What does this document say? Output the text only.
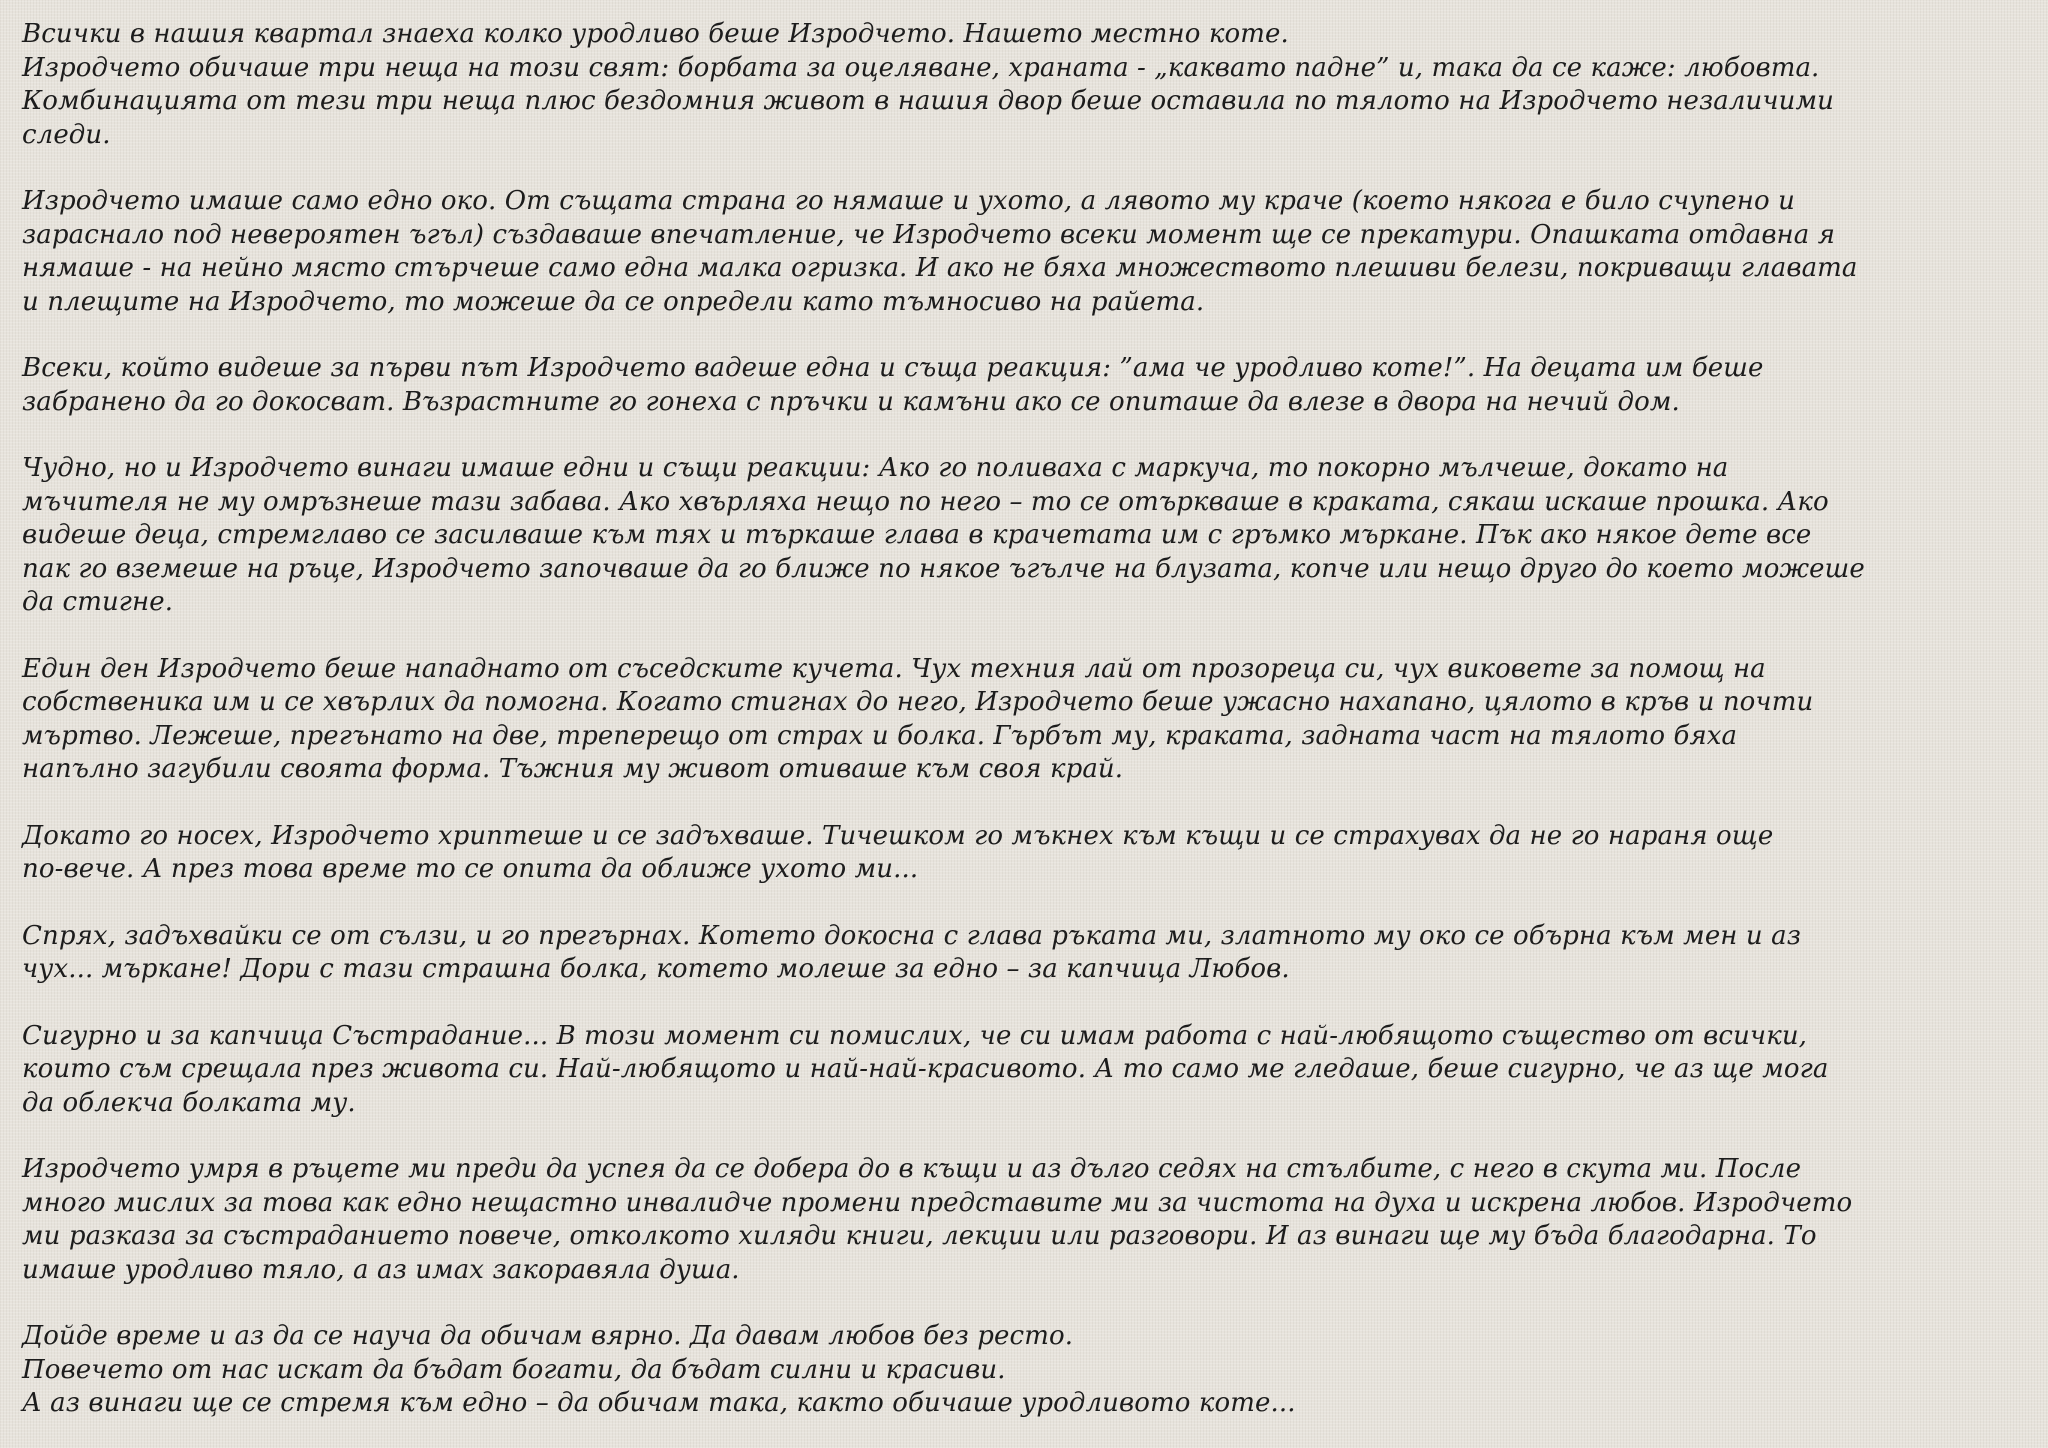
Всички в нашия квартал знаеха колко уродливо беше Изродчето. Нашето местно коте.
Изродчето обичаше три неща на този свят: борбата за оцеляване, храната - „каквато падне” и, така да се каже: любовта.
Комбинацията от тези три неща плюс бездомния живот в нашия двор беше оставила по тялото на Изродчето незаличими
следи.
Изродчето имаше само едно око. От същата страна го нямаше и ухото, а лявото му краче (което някога е било счупено и
зараснало под невероятен ъгъл) създаваше впечатление, че Изродчето всеки момент ще се прекатури. Опашката отдавна я
нямаше - на нейно място стърчеше само една малка огризка. И ако не бяха множеството плешиви белези, покриващи главата
и плещите на Изродчето, то можеше да се определи като тъмносиво на райета.
Всеки, който видеше за първи път Изродчето вадеше една и съща реакция: ”ама че уродливо коте!”. На децата им беше
забранено да го докосват. Възрастните го гонеха с пръчки и камъни ако се опиташе да влезе в двора на нечий дом.
Чудно, но и Изродчето винаги имаше едни и същи реакции: Ако го поливаха с маркуча, то покорно мълчеше, докато на
мъчителя не му омръзнеше тази забава. Ако хвърляха нещо по него – то се отъркваше в краката, сякаш искаше прошка. Ако
видеше деца, стремглаво се засилваше към тях и търкаше глава в крачетата им с гръмко мъркане. Пък ако някое дете все
пак го вземеше на ръце, Изродчето започваше да го ближе по някое ъгълче на блузата, копче или нещо друго до което можеше
да стигне.
Един ден Изродчето беше нападнато от съседските кучета. Чух техния лай от прозореца си, чух виковете за помощ на
собственика им и се хвърлих да помогна. Когато стигнах до него, Изродчето беше ужасно нахапано, цялото в кръв и почти
мъртво. Лежеше, прегънато на две, треперещо от страх и болка. Гърбът му, краката, задната част на тялото бяха
напълно загубили своята форма. Тъжния му живот отиваше към своя край.
Докато го носех, Изродчето хриптеше и се задъхваше. Тичешком го мъкнех към къщи и се страхувах да не го нараня още
по-вече. А през това време то се опита да оближе ухото ми...
Спрях, задъхвайки се от сълзи, и го прегърнах. Котето докосна с глава ръката ми, златното му око се обърна към мен и аз
чух... мъркане! Дори с тази страшна болка, котето молеше за едно – за капчица Любов.
Сигурно и за капчица Състрадание... В този момент си помислих, че си имам работа с най-любящото същество от всички,
които съм срещала през живота си. Най-любящото и най-най-красивото. А то само ме гледаше, беше сигурно, че аз ще мога
да облекча болката му.
Изродчето умря в ръцете ми преди да успея да се добера до в къщи и аз дълго седях на стълбите, с него в скута ми. После
много мислих за това как едно нещастно инвалидче промени представите ми за чистота на духа и искрена любов. Изродчето
ми разказа за състраданието повече, отколкото хиляди книги, лекции или разговори. И аз винаги ще му бъда благодарна. То
имаше уродливо тяло, а аз имах закоравяла душа.
Дойде време и аз да се науча да обичам вярно. Да давам любов без ресто.
Повечето от нас искат да бъдат богати, да бъдат силни и красиви.
А аз винаги ще се стремя към едно – да обичам така, както обичаше уродливото коте...
